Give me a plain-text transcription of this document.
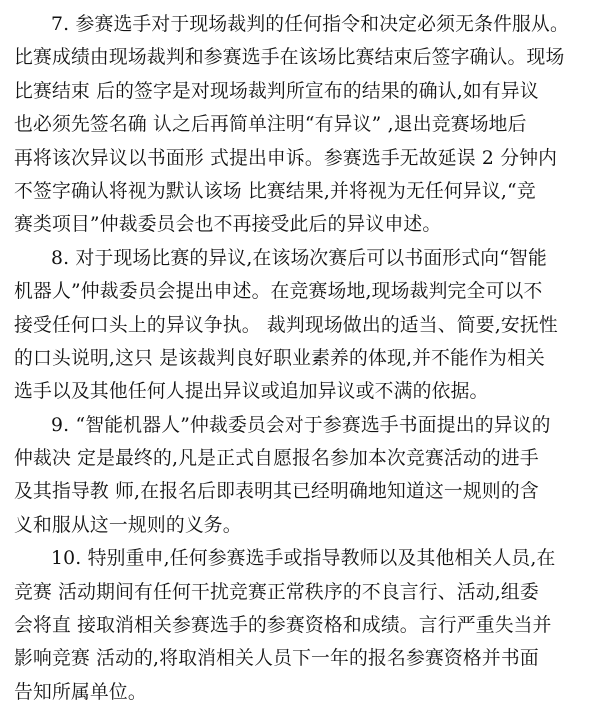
7. 参赛选手对于现场裁判的任何指令和决定必须无条件服从。
比赛成绩由现场裁判和参赛选手在该场比赛结束后签字确认。现场
比赛结束 后的签字是对现场裁判所宣布的结果的确认,如有异议
也必须先签名确 认之后再简单注明“有异议” ,退出竞赛场地后
再将该次异议以书面形 式提出申诉。参赛选手无故延误 2 分钟内
不签字确认将视为默认该场 比赛结果,并将视为无任何异议,“竞
赛类项目”仲裁委员会也不再接受此后的异议申述。
8. 对于现场比赛的异议,在该场次赛后可以书面形式向“智能
机器人”仲裁委员会提出申述。在竞赛场地,现场裁判完全可以不
接受任何口头上的异议争执。 裁判现场做出的适当、简要,安抚性
的口头说明,这只 是该裁判良好职业素养的体现,并不能作为相关
选手以及其他任何人提出异议或追加异议或不满的依据。
9. “智能机器人”仲裁委员会对于参赛选手书面提出的异议的
仲裁决 定是最终的,凡是正式自愿报名参加本次竞赛活动的进手
及其指导教 师,在报名后即表明其已经明确地知道这一规则的含
义和服从这一规则的义务。
10. 特别重申,任何参赛选手或指导教师以及其他相关人员,在
竞赛 活动期间有任何干扰竞赛正常秩序的不良言行、活动,组委
会将直 接取消相关参赛选手的参赛资格和成绩。言行严重失当并
影响竞赛 活动的,将取消相关人员下一年的报名参赛资格并书面
告知所属单位。
